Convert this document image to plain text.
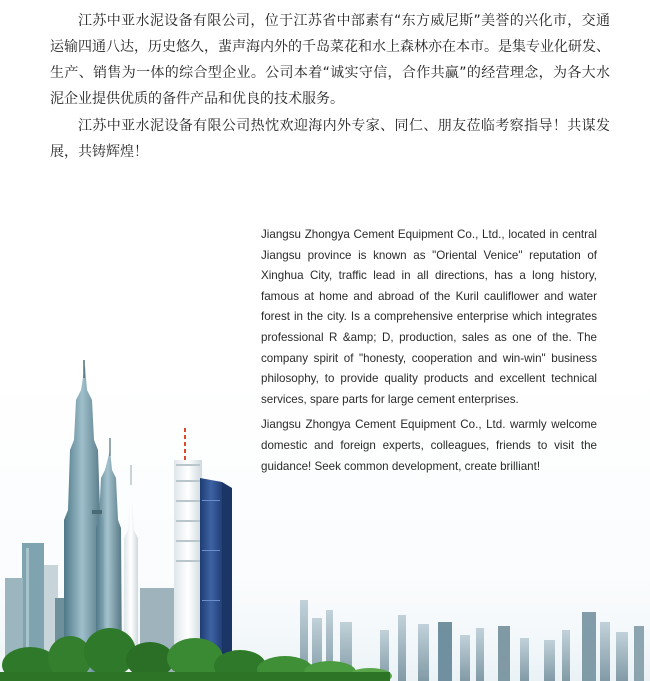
江苏中亚水泥设备有限公司，位于江苏省中部素有“东方威尼斯”美誉的兴化市，交通运输四通八达，历史悠久，蜚声海内外的千岛菜花和水上森林亦在本市。是集专业化研发、生产、销售为一体的综合型企业。公司本着“诚实守信，合作共赢”的经营理念，为各大水泥企业提供优质的备件产品和优良的技术服务。

江苏中亚水泥设备有限公司热忱欢迎海内外专家、同仁、朋友莅临考察指导！共谋发展，共铸辉煌！

Jiangsu Zhongya Cement Equipment Co., Ltd., located in central Jiangsu province is known as "Oriental Venice" reputation of Xinghua City, traffic lead in all directions, has a long history, famous at home and abroad of the Kuril cauliflower and water forest in the city. Is a comprehensive enterprise which integrates professional R &amp; D, production, sales as one of the. The company spirit of "honesty, cooperation and win-win" business philosophy, to provide quality products and excellent technical services, spare parts for large cement enterprises.

Jiangsu Zhongya Cement Equipment Co., Ltd. warmly welcome domestic and foreign experts, colleagues, friends to visit the guidance! Seek common development, create brilliant!
